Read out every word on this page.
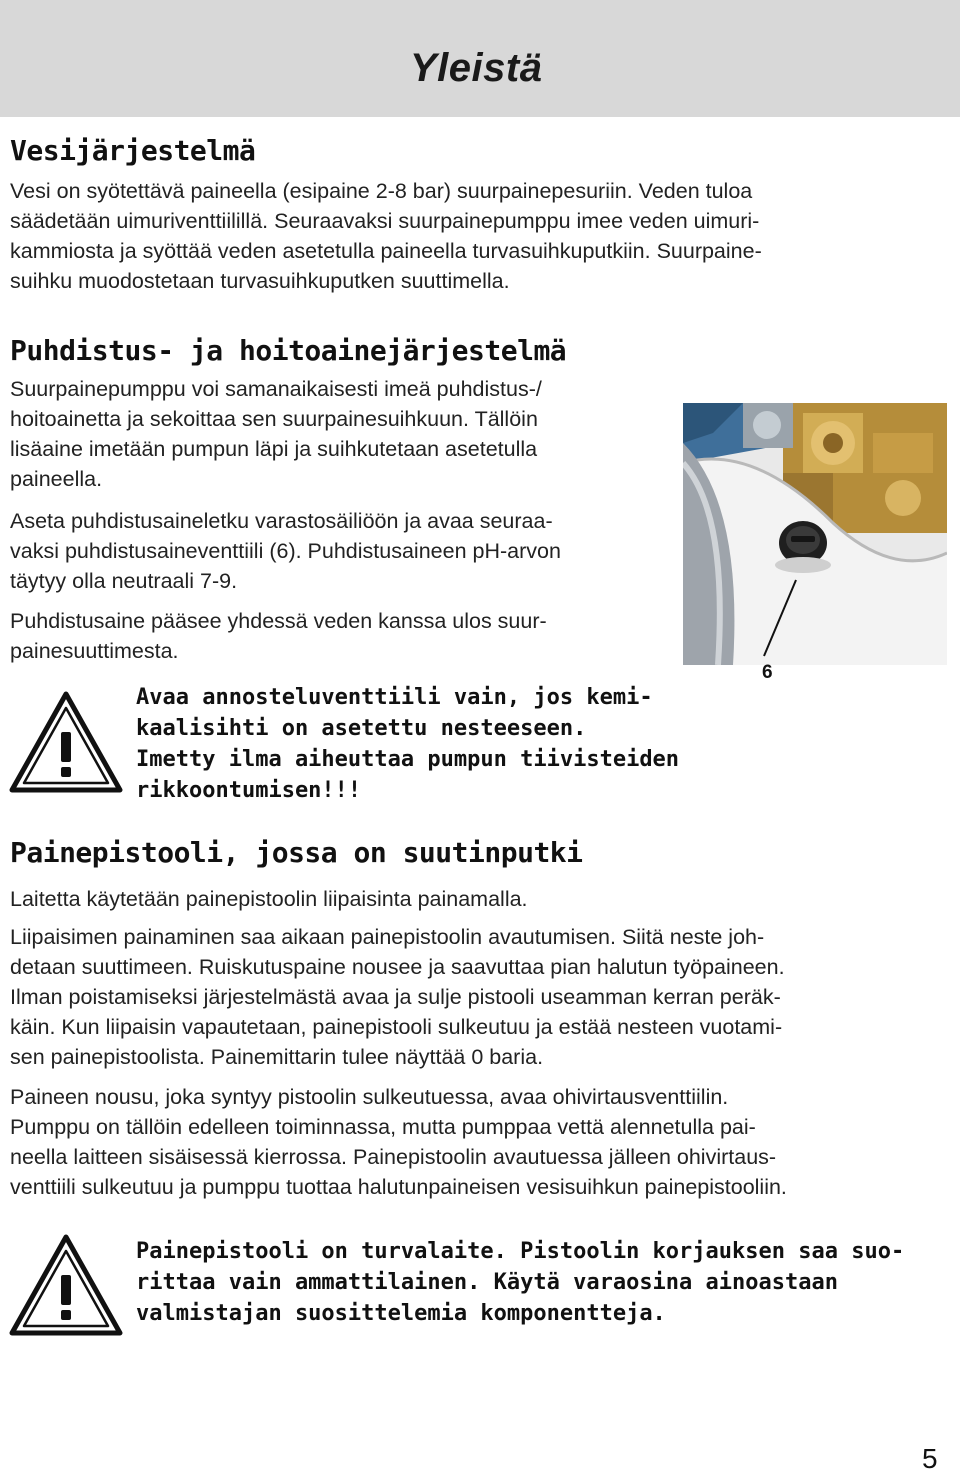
Yleistä
Vesijärjestelmä
Vesi on syötettävä paineella (esipaine 2-8 bar) suurpainepesuriin. Veden tuloa
säädetään uimuriventtiilillä. Seuraavaksi suurpainepumppu imee veden uimuri-
kammiosta ja syöttää veden asetetulla paineella turvasuihkuputkiin. Suurpaine-
suihku muodostetaan turvasuihkuputken suuttimella.
Puhdistus- ja hoitoainejärjestelmä
Suurpainepumppu voi samanaikaisesti imeä puhdistus-/
hoitoainetta ja sekoittaa sen suurpainesuihkuun. Tällöin
lisäaine imetään pumpun läpi ja suihkutetaan asetetulla
paineella.
Aseta puhdistusaineletku varastosäiliöön ja avaa seuraa-
vaksi puhdistusaineventtiili (6). Puhdistusaineen pH-arvon
täytyy olla neutraali 7-9.
Puhdistusaine pääsee yhdessä veden kanssa ulos suur-
painesuuttimesta.
6
Avaa annosteluventtiili vain, jos kemi-
kaalisihti on asetettu nesteeseen.
Imetty ilma aiheuttaa pumpun tiivisteiden
rikkoontumisen!!!
Painepistooli, jossa on suutinputki
Laitetta käytetään painepistoolin liipaisinta painamalla.
Liipaisimen painaminen saa aikaan painepistoolin avautumisen. Siitä neste joh-
detaan suuttimeen. Ruiskutuspaine nousee ja saavuttaa pian halutun työpaineen.
Ilman poistamiseksi järjestelmästä avaa ja sulje pistooli useamman kerran peräk-
käin. Kun liipaisin vapautetaan, painepistooli sulkeutuu ja estää nesteen vuotami-
sen painepistoolista. Painemittarin tulee näyttää 0 baria.
Paineen nousu, joka syntyy pistoolin sulkeutuessa, avaa ohivirtausventtiilin.
Pumppu on tällöin edelleen toiminnassa, mutta pumppaa vettä alennetulla pai-
neella laitteen sisäisessä kierrossa. Painepistoolin avautuessa jälleen ohivirtaus-
venttiili sulkeutuu ja pumppu tuottaa halutunpaineisen vesisuihkun painepistooliin.
Painepistooli on turvalaite. Pistoolin korjauksen saa suo-
rittaa vain ammattilainen. Käytä varaosina ainoastaan
valmistajan suosittelemia komponentteja.
5
